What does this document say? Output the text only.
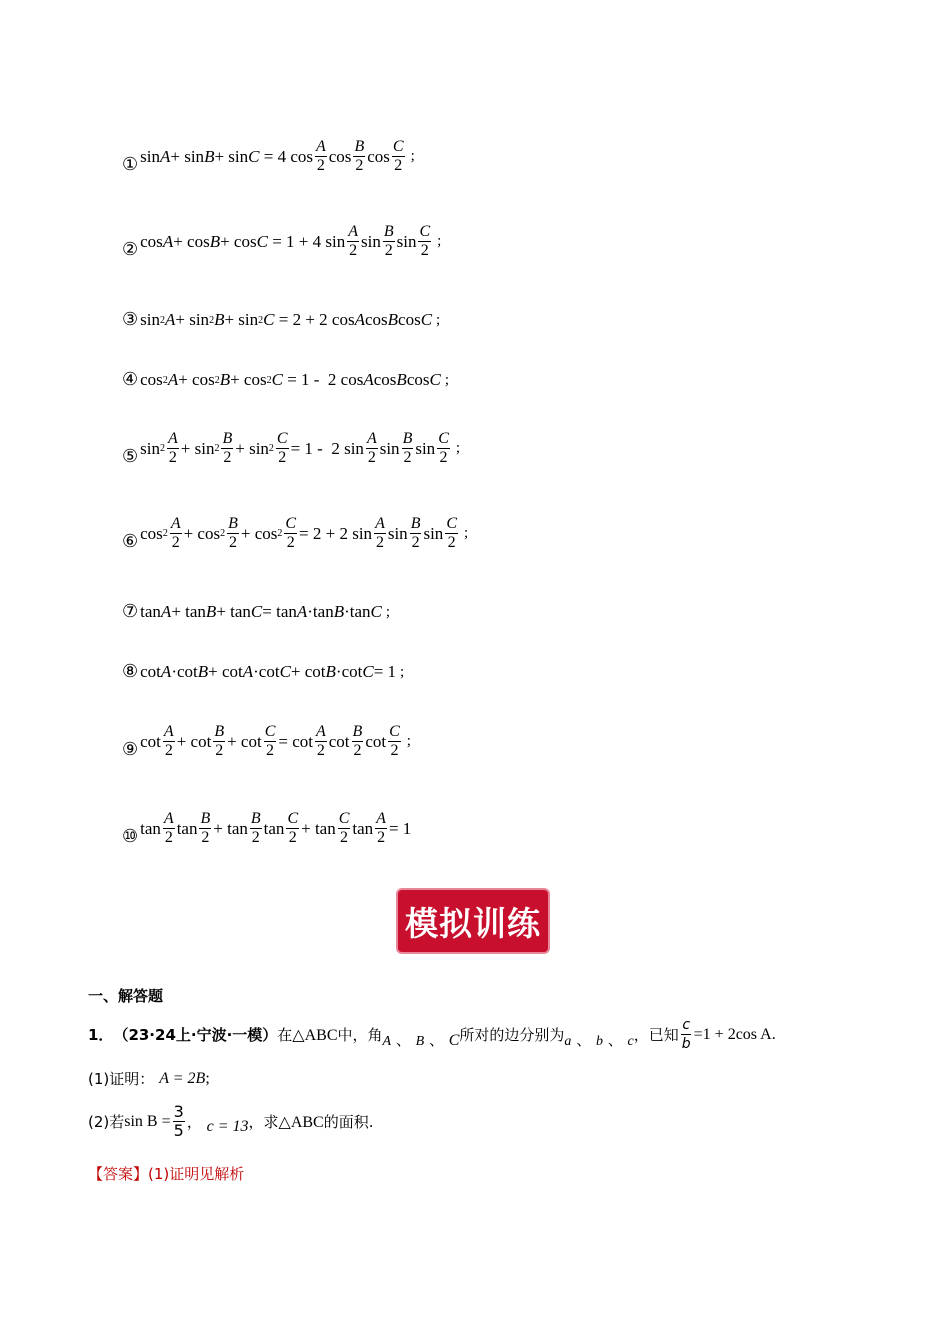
① sin A + sin B + sin C = 4 cos A
2 cos B
2 cos C
2
;
② cos A + cos B + cos C = 1 + 4 sin A
2 sin B
2 sin C
2
;
③ sin 2 A + sin 2 B + sin 2 C = 2 + 2 cos A cos B cos C ;
④ cos 2 A + cos 2 B + cos 2 C = 1 -  2 cos A cos B cos C ;
⑤ sin 2
A
2 + sin 2
B
2 + sin 2
C
2 = 1 -  2 sin A
2 sin B
2 sin C
2
;
⑥ cos 2
A
2 + cos 2
B
2 + cos 2
C
2 = 2 + 2 sin A
2 sin B
2 sin C
2
;
⑦ tan A + tan B + tan C = tan A ·tan B ·tan C ;
⑧ cot A ·cot B + cot A ·cot C + cot B ·cot C = 1 ;
⑨ cot A
2 + cot B
2 + cot C
2 = cot A
2 cot B
2 cot C
2
;
⑩ tan A
2 tan B
2 + tan B
2 tan C
2 + tan C
2 tan A
2 = 1
模拟训练
一、解答题
1． （23·24上·宁波·一模） 在 △ABC 中，角 A 、 B 、 C 所对的边分别为 a 、 b 、 c ，已知 $\frac{c}{b} =1 + 2\cos$ A .
(1)证明： A = 2B ;
(2)若 $\sin B = \frac{3}{5}$ ， c = 13 ，求 △ABC 的面积.
【答案】(1)证明见解析
